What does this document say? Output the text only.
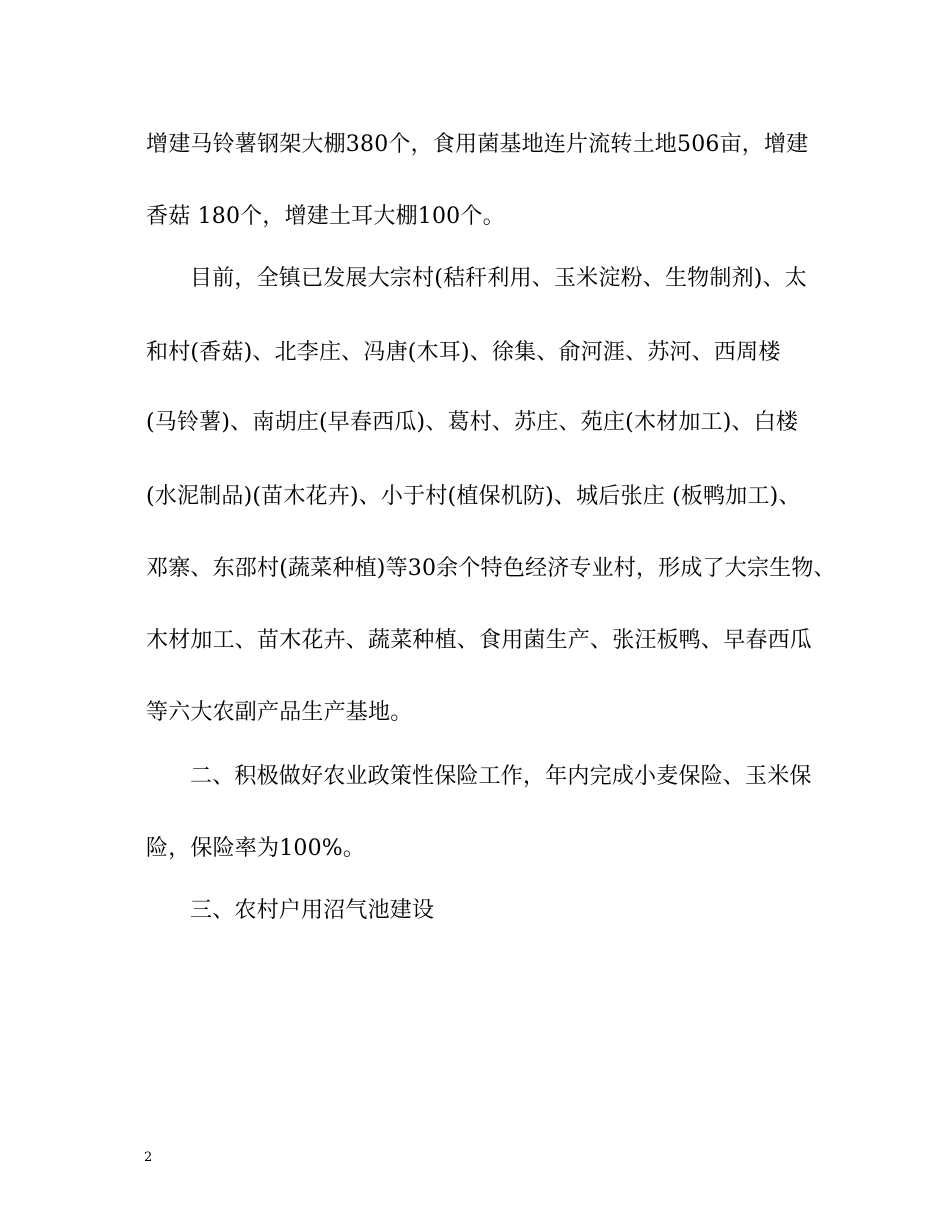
增建马铃薯钢架大棚380个，食用菌基地连片流转土地506亩，增建
香菇 180个，增建土耳大棚100个。
目前，全镇已发展大宗村(秸秆利用、玉米淀粉、生物制剂)、太
和村(香菇)、北李庄、冯唐(木耳)、徐集、俞河涯、苏河、西周楼
(马铃薯)、南胡庄(早春西瓜)、葛村、苏庄、苑庄(木材加工)、白楼
(水泥制品)(苗木花卉)、小于村(植保机防)、城后张庄 (板鸭加工)、
邓寨、东邵村(蔬菜种植)等30余个特色经济专业村，形成了大宗生物、
木材加工、苗木花卉、蔬菜种植、食用菌生产、张汪板鸭、早春西瓜
等六大农副产品生产基地。
二、积极做好农业政策性保险工作，年内完成小麦保险、玉米保
险，保险率为100%。
三、农村户用沼气池建设
2
